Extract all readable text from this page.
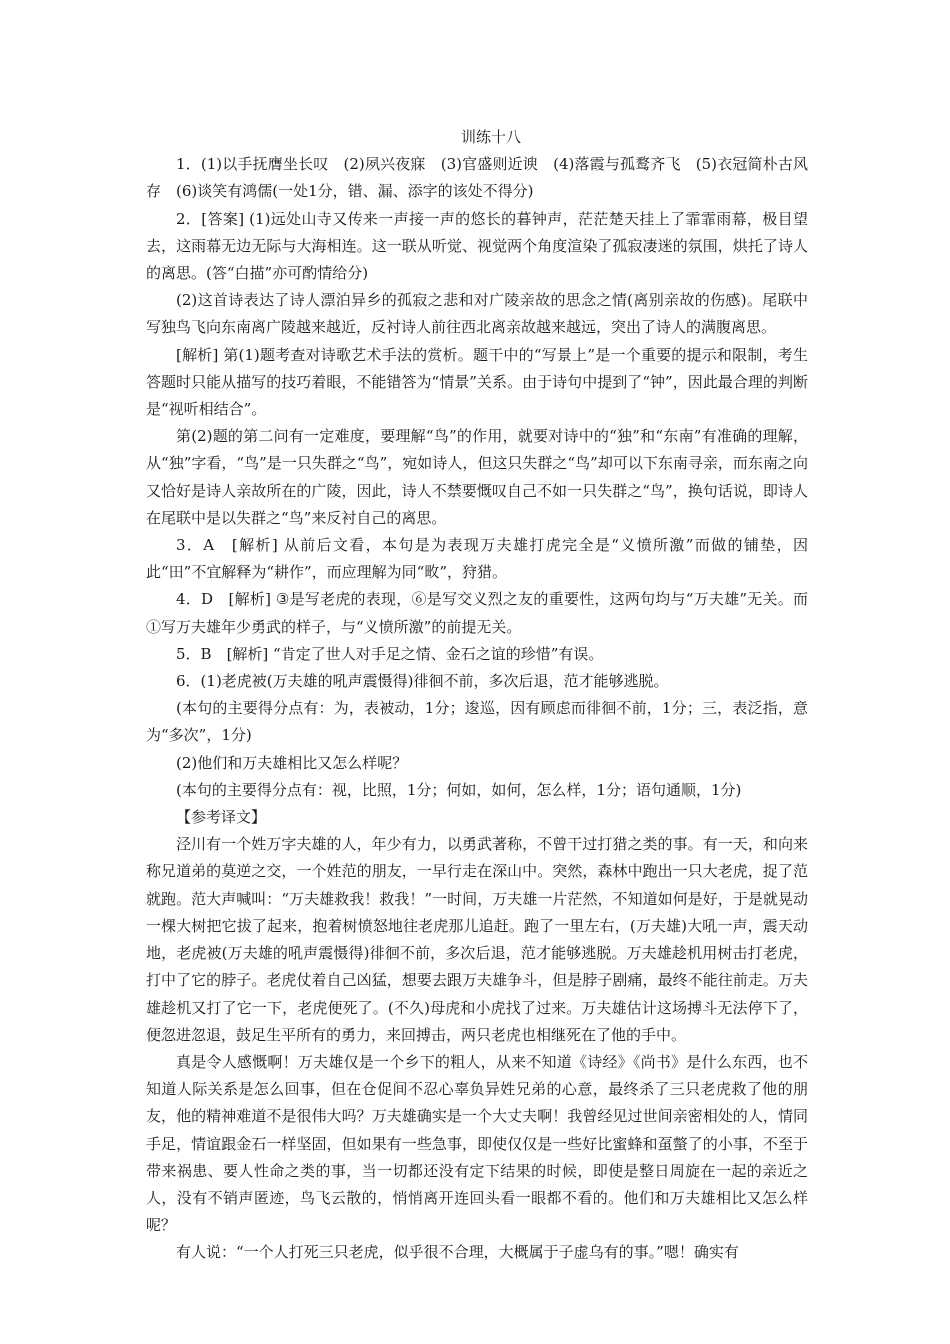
训练十八

1．(1)以手抚膺坐长叹　(2)夙兴夜寐　(3)官盛则近谀　(4)落霞与孤鹜齐飞　(5)衣冠简朴古风存　(6)谈笑有鸿儒(一处1分，错、漏、添字的该处不得分)

2．[答案] (1)远处山寺又传来一声接一声的悠长的暮钟声，茫茫楚天挂上了霏霏雨幕，极目望去，这雨幕无边无际与大海相连。这一联从听觉、视觉两个角度渲染了孤寂凄迷的氛围，烘托了诗人的离思。(答“白描”亦可酌情给分)

(2)这首诗表达了诗人漂泊异乡的孤寂之悲和对广陵亲故的思念之情(离别亲故的伤感)。尾联中写独鸟飞向东南离广陵越来越近，反衬诗人前往西北离亲故越来越远，突出了诗人的满腹离思。

[解析] 第(1)题考查对诗歌艺术手法的赏析。题干中的“写景上”是一个重要的提示和限制，考生答题时只能从描写的技巧着眼，不能错答为“情景”关系。由于诗句中提到了“钟”，因此最合理的判断是“视听相结合”。

第(2)题的第二问有一定难度，要理解“鸟”的作用，就要对诗中的“独”和“东南”有准确的理解，从“独”字看，“鸟”是一只失群之“鸟”，宛如诗人，但这只失群之“鸟”却可以下东南寻亲，而东南之向又恰好是诗人亲故所在的广陵，因此，诗人不禁要慨叹自己不如一只失群之“鸟”，换句话说，即诗人在尾联中是以失群之“鸟”来反衬自己的离思。

3．A　[解析] 从前后文看，本句是为表现万夫雄打虎完全是“义愤所激”而做的铺垫，因此“田”不宜解释为“耕作”，而应理解为同“畋”，狩猎。

4．D　[解析] ③是写老虎的表现，⑥是写交义烈之友的重要性，这两句均与“万夫雄”无关。而①写万夫雄年少勇武的样子，与“义愤所激”的前提无关。

5．B　[解析] “肯定了世人对手足之情、金石之谊的珍惜”有误。

6．(1)老虎被(万夫雄的吼声震慑得)徘徊不前，多次后退，范才能够逃脱。

(本句的主要得分点有：为，表被动，1分；逡巡，因有顾虑而徘徊不前，1分；三，表泛指，意为“多次”，1分)

(2)他们和万夫雄相比又怎么样呢？

(本句的主要得分点有：视，比照，1分；何如，如何，怎么样，1分；语句通顺，1分)

【参考译文】

泾川有一个姓万字夫雄的人，年少有力，以勇武著称，不曾干过打猎之类的事。有一天，和向来称兄道弟的莫逆之交，一个姓范的朋友，一早行走在深山中。突然，森林中跑出一只大老虎，捉了范就跑。范大声喊叫：“万夫雄救我！救我！”一时间，万夫雄一片茫然，不知道如何是好，于是就晃动一棵大树把它拔了起来，抱着树愤怒地往老虎那儿追赶。跑了一里左右，(万夫雄)大吼一声，震天动地，老虎被(万夫雄的吼声震慑得)徘徊不前，多次后退，范才能够逃脱。万夫雄趁机用树击打老虎，打中了它的脖子。老虎仗着自己凶猛，想要去跟万夫雄争斗，但是脖子剧痛，最终不能往前走。万夫雄趁机又打了它一下，老虎便死了。(不久)母虎和小虎找了过来。万夫雄估计这场搏斗无法停下了，便忽进忽退，鼓足生平所有的勇力，来回搏击，两只老虎也相继死在了他的手中。

真是令人感慨啊！万夫雄仅是一个乡下的粗人，从来不知道《诗经》《尚书》是什么东西，也不知道人际关系是怎么回事，但在仓促间不忍心辜负异姓兄弟的心意，最终杀了三只老虎救了他的朋友，他的精神难道不是很伟大吗？万夫雄确实是一个大丈夫啊！我曾经见过世间亲密相处的人，情同手足，情谊跟金石一样坚固，但如果有一些急事，即使仅仅是一些好比蜜蜂和虿螫了的小事，不至于带来祸患、要人性命之类的事，当一切都还没有定下结果的时候，即使是整日周旋在一起的亲近之人，没有不销声匿迹，鸟飞云散的，悄悄离开连回头看一眼都不看的。他们和万夫雄相比又怎么样呢？

有人说：“一个人打死三只老虎，似乎很不合理，大概属于子虚乌有的事。”嗯！确实有
